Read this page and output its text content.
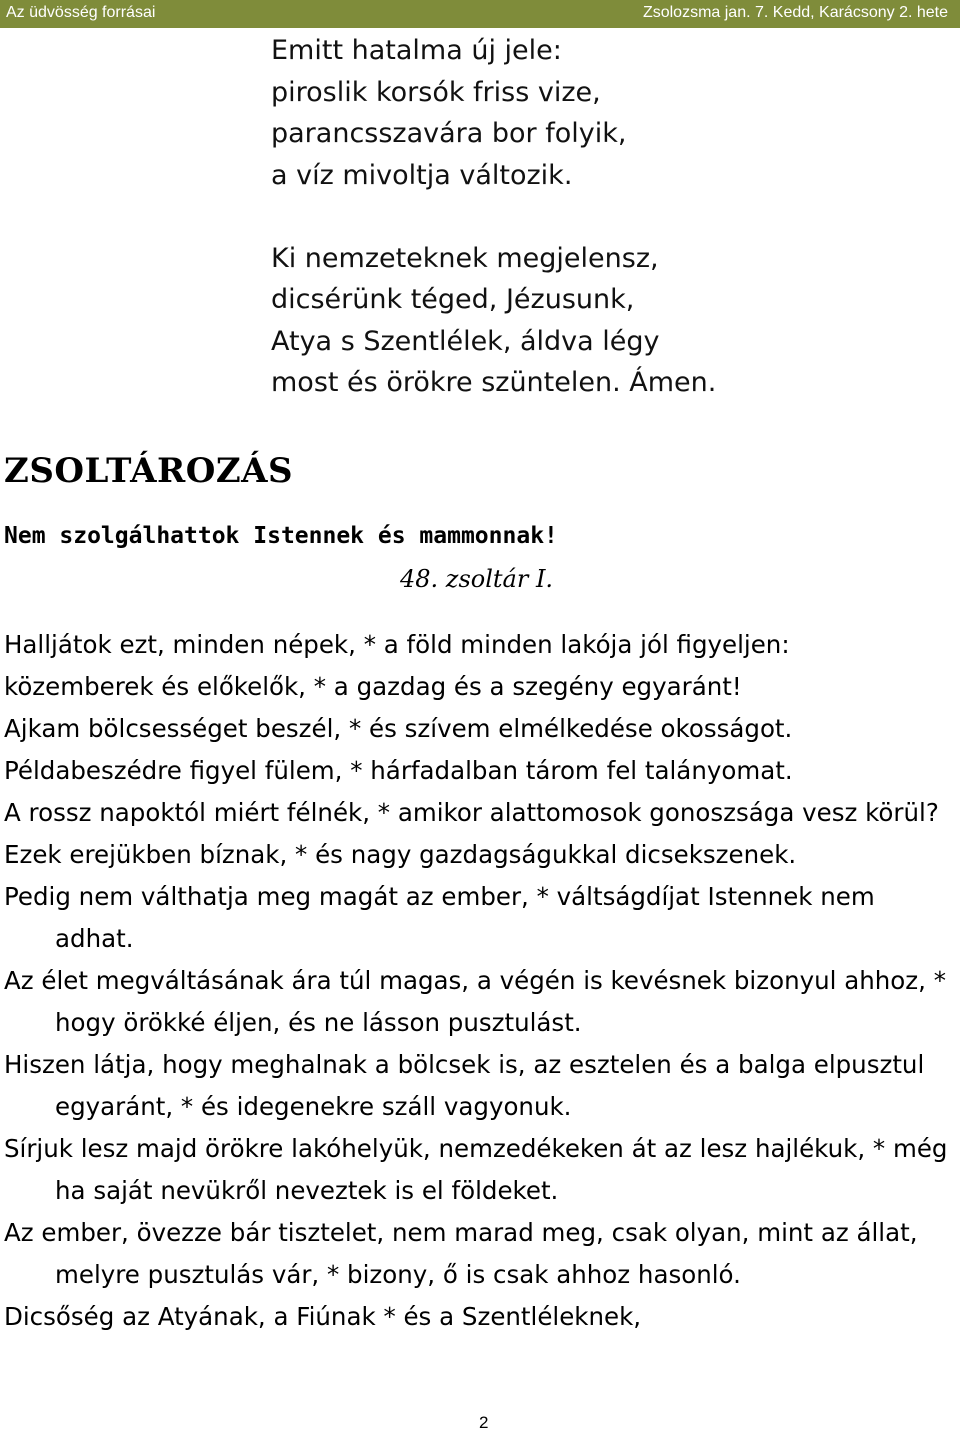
Az üdvösség forrásai	Zsolozsma jan. 7. Kedd, Karácsony 2. hete
Emitt hatalma új jele:
piroslik korsók friss vize,
parancsszavára bor folyik,
a víz mivoltja változik.
Ki nemzeteknek megjelensz,
dicsérünk téged, Jézusunk,
Atya s Szentlélek, áldva légy
most és örökre szüntelen. Ámen.
ZSOLTÁROZÁS
Nem szolgálhattok Istennek és mammonnak!
48. zsoltár I.
Halljátok ezt, minden népek, * a föld minden lakója jól figyeljen:
közemberek és előkelők, * a gazdag és a szegény egyaránt!
Ajkam bölcsességet beszél, * és szívem elmélkedése okosságot.
Példabeszédre figyel fülem, * hárfadalban tárom fel talányomat.
A rossz napoktól miért félnék, * amikor alattomosok gonoszsága vesz körül?
Ezek erejükben bíznak, * és nagy gazdagságukkal dicsekszenek.
Pedig nem válthatja meg magát az ember, * váltságdíjat Istennek nem adhat.
Az élet megváltásának ára túl magas, a végén is kevésnek bizonyul ahhoz, * hogy örökké éljen, és ne lásson pusztulást.
Hiszen látja, hogy meghalnak a bölcsek is, az esztelen és a balga elpusztul egyaránt, * és idegenekre száll vagyonuk.
Sírjuk lesz majd örökre lakóhelyük, nemzedékeken át az lesz hajlékuk, * még ha saját nevükről neveztek is el földeket.
Az ember, övezze bár tisztelet, nem marad meg, csak olyan, mint az állat, melyre pusztulás vár, * bizony, ő is csak ahhoz hasonló.
Dicsőség az Atyának, a Fiúnak * és a Szentléleknek,
2
